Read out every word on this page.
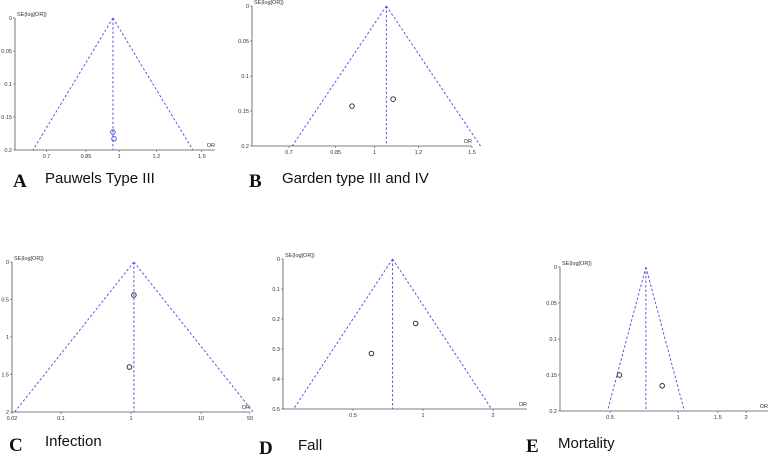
0
0.05
0.1
0.15
0.2
0.7	0.85	1	1.2	1.5
SE(log[OR])
OR
0
0.05
0.1
0.15
0.2
0.7	0.85	1	1.2	1.5
SE(log[OR])
OR
0
0.5
1
1.5
2
0.02	0.1	1	10	50
SE(log[OR])
OR
0
0.1
0.2
0.3
0.4
0.5
0.5	1	2
SE(log[OR])
OR
0
0.05
0.1
0.15
0.2
0.5	1	1.5	2
SE(log[OR])
OR
A Pauwels Type III	B Garden type III and IV
C Infection	D Fall	E Mortality
